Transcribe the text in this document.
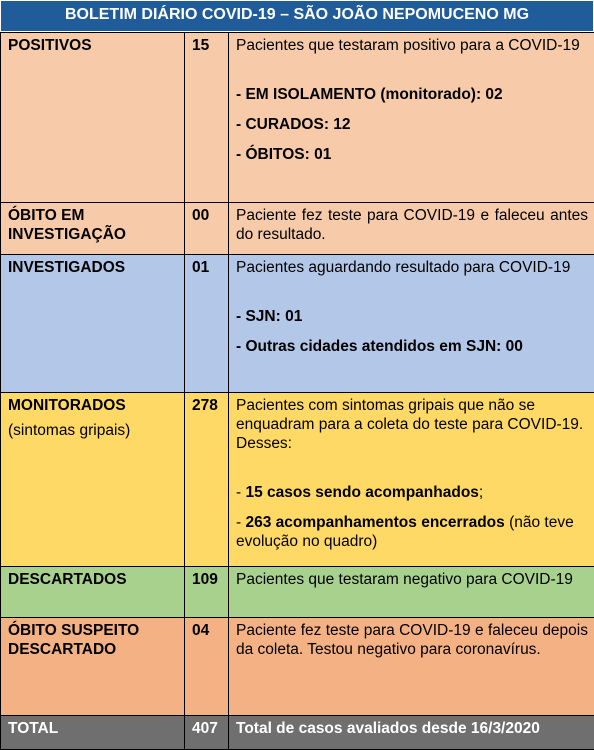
BOLETIM DIÁRIO COVID-19 – SÃO JOÃO NEPOMUCENO MG
POSITIVOS	15	Pacientes que testaram positivo para a COVID-19
- EM ISOLAMENTO (monitorado): 02
- CURADOS: 12
- ÓBITOS: 01

ÓBITO EM
INVESTIGAÇÃO	00	Paciente fez teste para COVID-19 e faleceu antes do resultado.
INVESTIGADOS	01	Pacientes aguardando resultado para COVID-19
- SJN: 01
- Outras cidades atendidos em SJN: 00

MONITORADOS
(sintomas gripais)	278	Pacientes com sintomas gripais que não se enquadram para a coleta do teste para COVID-19. Desses:
- 15 casos sendo acompanhados;
- 263 acompanhamentos encerrados (não teve evolução no quadro)

DESCARTADOS	109	Pacientes que testaram negativo para COVID-19

ÓBITO SUSPEITO
DESCARTADO	04	Paciente fez teste para COVID-19 e faleceu depois da coleta. Testou negativo para coronavírus.
TOTAL	407	Total de casos avaliados desde 16/3/2020
